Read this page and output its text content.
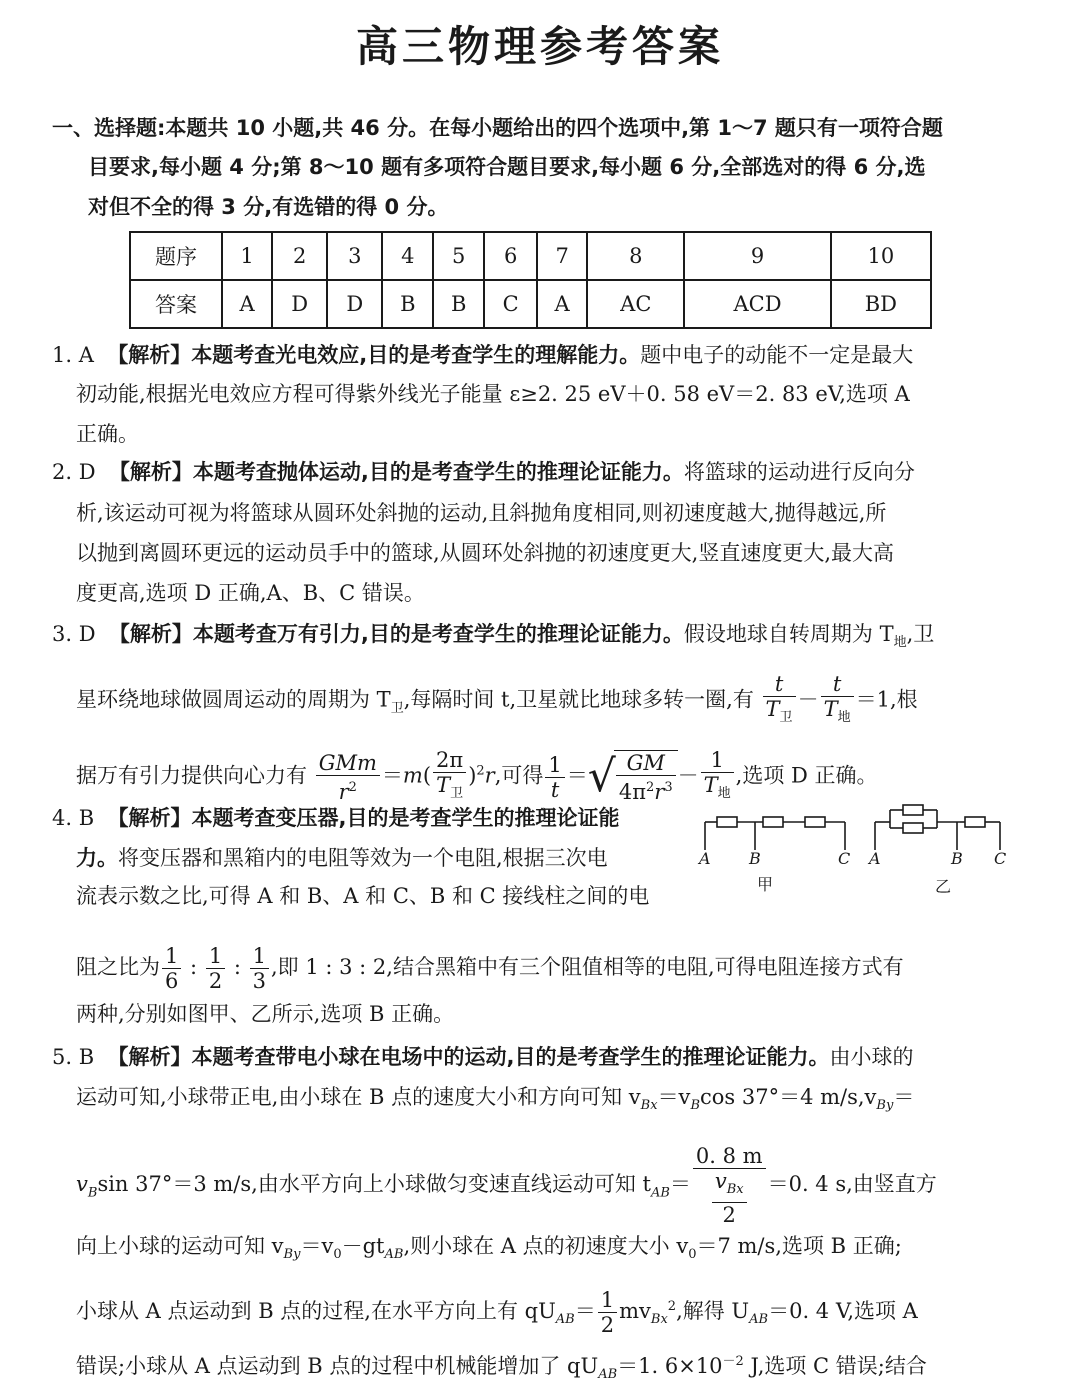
高三物理参考答案
一、选择题:本题共 10 小题,共 46 分。在每小题给出的四个选项中,第 1～7 题只有一项符合题
目要求,每小题 4 分;第 8～10 题有多项符合题目要求,每小题 6 分,全部选对的得 6 分,选
对但不全的得 3 分,有选错的得 0 分。
题序	1	2	3	4	5	6	7	8	9	10
答案	A	D	D	B	B	C	A	AC	ACD	BD
1. A 【解析】本题考查光电效应,目的是考查学生的理解能力。题中电子的动能不一定是最大
初动能,根据光电效应方程可得紫外线光子能量 ε≥2. 25 eV＋0. 58 eV＝2. 83 eV,选项 A
正确。
2. D 【解析】本题考查抛体运动,目的是考查学生的推理论证能力。将篮球的运动进行反向分
析,该运动可视为将篮球从圆环处斜抛的运动,且斜抛角度相同,则初速度越大,抛得越远,所
以抛到离圆环更远的运动员手中的篮球,从圆环处斜抛的初速度更大,竖直速度更大,最大高
度更高,选项 D 正确,A、B、C 错误。
3. D 【解析】本题考查万有引力,目的是考查学生的推理论证能力。假设地球自转周期为 $T_地$,卫
星环绕地球做圆周运动的周期为 $T_卫$,每隔时间 t,卫星就比地球多转一圈,有 $\frac{t}{T_卫} - \frac{t}{T_地} =1$,根
据万有引力提供向心力有 $\frac{\text{GMm}}{r^2} =m( \frac{2\pi}{T_卫} )^2r$,可得 $\frac{1}{t}$ ＝√ $\frac{GM}{4\pi^2r^3} - \frac{1}{T_地}$ ,选项 D 正确。
4. B 【解析】本题考查变压器,目的是考查学生的推理论证能
力。将变压器和黑箱内的电阻等效为一个电阻,根据三次电
流表示数之比,可得 A 和 B、A 和 C、B 和 C 接线柱之间的电
阻之比为 $\frac{1}{6}$ : $\frac{1}{2}$ : $\frac{1}{3}$ ,即 1 : 3 : 2,结合黑箱中有三个阻值相等的电阻,可得电阻连接方式有
两种,分别如图甲、乙所示,选项 B 正确。
A B	C A	B C
甲	乙
5. B 【解析】本题考查带电小球在电场中的运动,目的是考查学生的推理论证能力。由小球的
运动可知,小球带正电,由小球在 B 点的速度大小和方向可知 $v_{Bx}=v_B\cos$ 37°＝4 $m/s,v_{By}=$
$v_B\sin$ 37°＝3 m/s,由水平方向上小球做匀变速直线运动可知 $t_{AB}= \frac{0. 8 m}{\frac{v_{Bx}}{2}} =0$. 4 s,由竖直方
向上小球的运动可知 $v_{By}=v_0-gt_{AB}$,则小球在 A 点的初速度大小 $v_0=7$ m/s,选项 B 正确;
小球从 A 点运动到 B 点的过程,在水平方向上有 $qU_{AB}= \frac{1}{2} mv_{Bx}^2$,解得 $U_{AB}=0$. 4 V,选项 A
错误;小球从 A 点运动到 B 点的过程中机械能增加了 $qU_{AB}=1$. $6\times 10^{-2}$ J,选项 C 错误;结合
